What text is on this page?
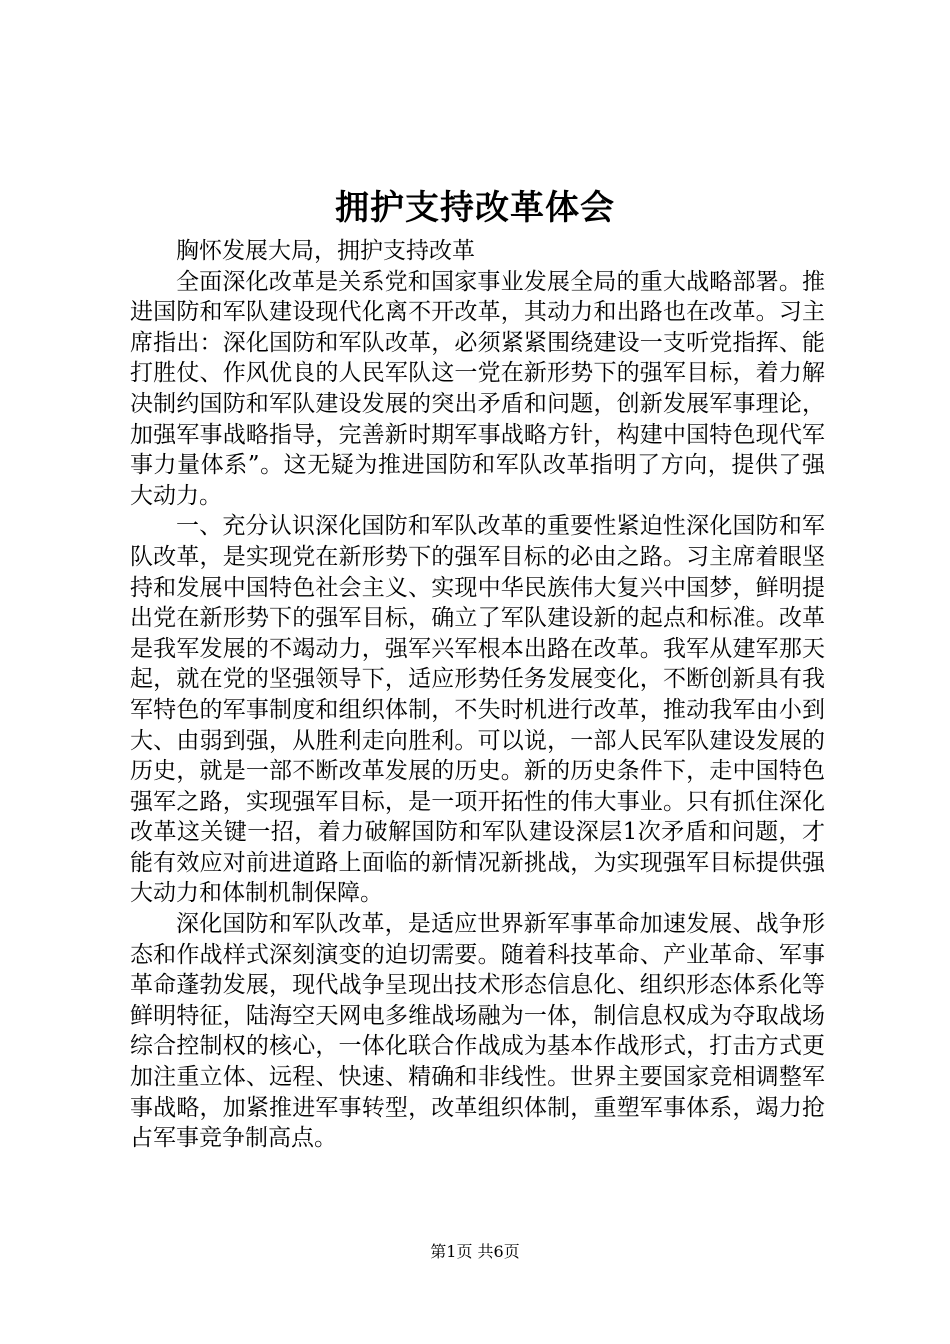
拥护支持改革体会

胸怀发展大局，拥护支持改革

全面深化改革是关系党和国家事业发展全局的重大战略部署。推进国防和军队建设现代化离不开改革，其动力和出路也在改革。习主席指出：深化国防和军队改革，必须紧紧围绕建设一支听党指挥、能打胜仗、作风优良的人民军队这一党在新形势下的强军目标，着力解决制约国防和军队建设发展的突出矛盾和问题，创新发展军事理论，加强军事战略指导，完善新时期军事战略方针，构建中国特色现代军事力量体系”。这无疑为推进国防和军队改革指明了方向，提供了强大动力。

一、充分认识深化国防和军队改革的重要性紧迫性深化国防和军队改革，是实现党在新形势下的强军目标的必由之路。习主席着眼坚持和发展中国特色社会主义、实现中华民族伟大复兴中国梦，鲜明提出党在新形势下的强军目标，确立了军队建设新的起点和标准。改革是我军发展的不竭动力，强军兴军根本出路在改革。我军从建军那天起，就在党的坚强领导下，适应形势任务发展变化，不断创新具有我军特色的军事制度和组织体制，不失时机进行改革，推动我军由小到大、由弱到强，从胜利走向胜利。可以说，一部人民军队建设发展的历史，就是一部不断改革发展的历史。新的历史条件下，走中国特色强军之路，实现强军目标，是一项开拓性的伟大事业。只有抓住深化改革这关键一招，着力破解国防和军队建设深层1次矛盾和问题，才能有效应对前进道路上面临的新情况新挑战，为实现强军目标提供强大动力和体制机制保障。

深化国防和军队改革，是适应世界新军事革命加速发展、战争形态和作战样式深刻演变的迫切需要。随着科技革命、产业革命、军事革命蓬勃发展，现代战争呈现出技术形态信息化、组织形态体系化等鲜明特征，陆海空天网电多维战场融为一体，制信息权成为夺取战场综合控制权的核心，一体化联合作战成为基本作战形式，打击方式更加注重立体、远程、快速、精确和非线性。世界主要国家竞相调整军事战略，加紧推进军事转型，改革组织体制，重塑军事体系，竭力抢占军事竞争制高点。

第1页 共6页
